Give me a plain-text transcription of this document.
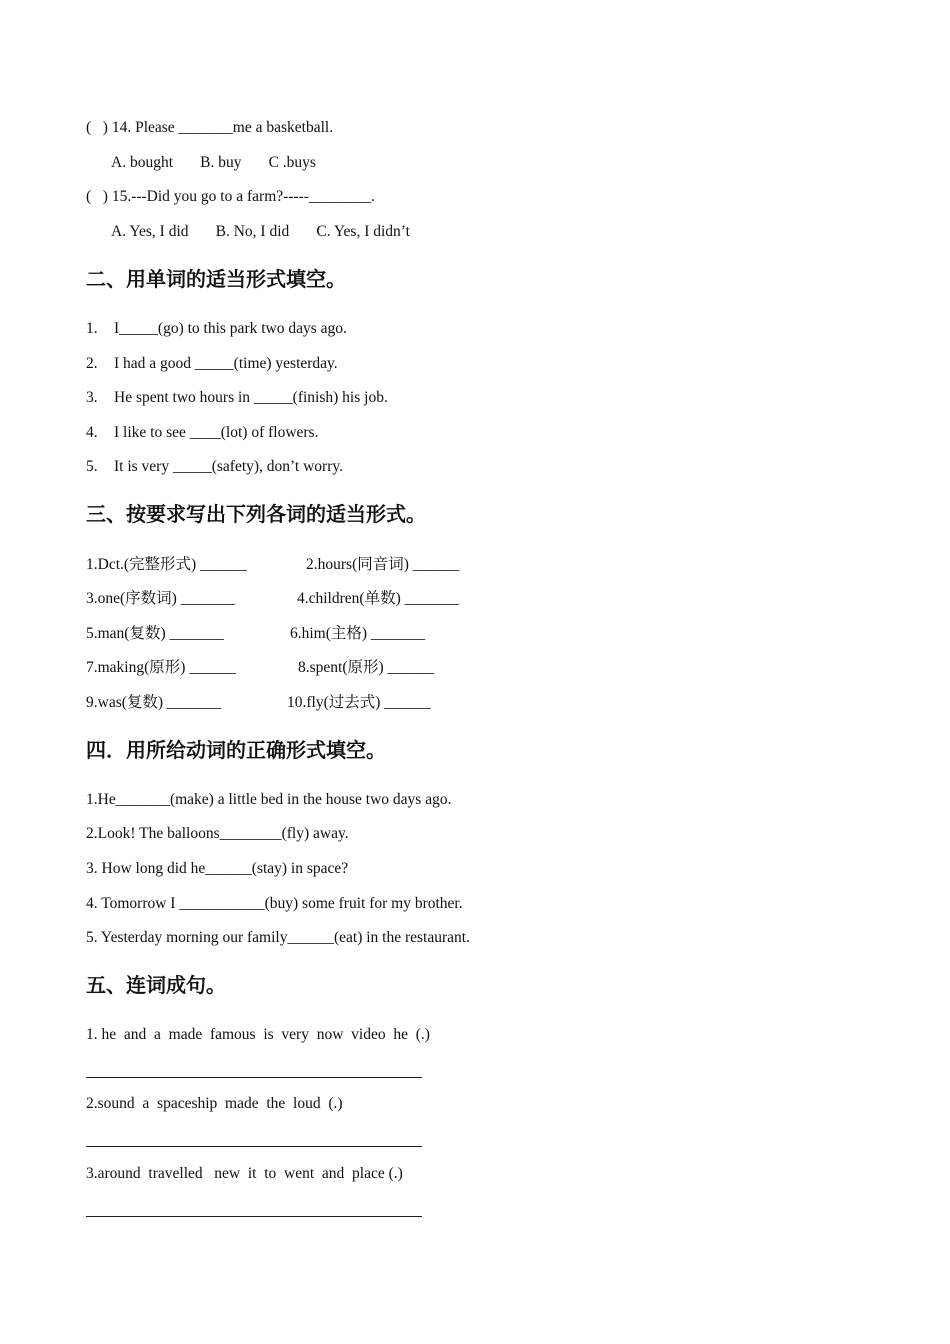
(   ) 14. Please _______me a basketball.
A. bought       B. buy       C .buys
(   ) 15.---Did you go to a farm?-----________.
A. Yes, I did       B. No, I did       C. Yes, I didn’t
二、用单词的适当形式填空。
1. I_____(go) to this park two days ago.
2. I had a good _____(time) yesterday.
3. He spent two hours in _____(finish) his job.
4. I like to see ____(lot) of flowers.
5. It is very _____(safety), don’t worry.
三、按要求写出下列各词的适当形式。
1.Dct.(完整形式) ______	2.hours(同音词) ______
3.one(序数词) _______	4.children(单数) _______
5.man(复数) _______	6.him(主格) _______
7.making(原形) ______	8.spent(原形) ______
9.was(复数) _______	10.fly(过去式) ______
四．用所给动词的正确形式填空。
1.He_______(make) a little bed in the house two days ago.
2.Look! The balloons________(fly) away.
3. How long did he______(stay) in space?
4. Tomorrow I ___________(buy) some fruit for my brother.
5. Yesterday morning our family______(eat) in the restaurant.
五、连词成句。
1. he  and  a  made  famous  is  very  now  video  he  (.)
2.sound  a  spaceship  made  the  loud  (.)
3.around  travelled   new  it  to  went  and  place (.)
